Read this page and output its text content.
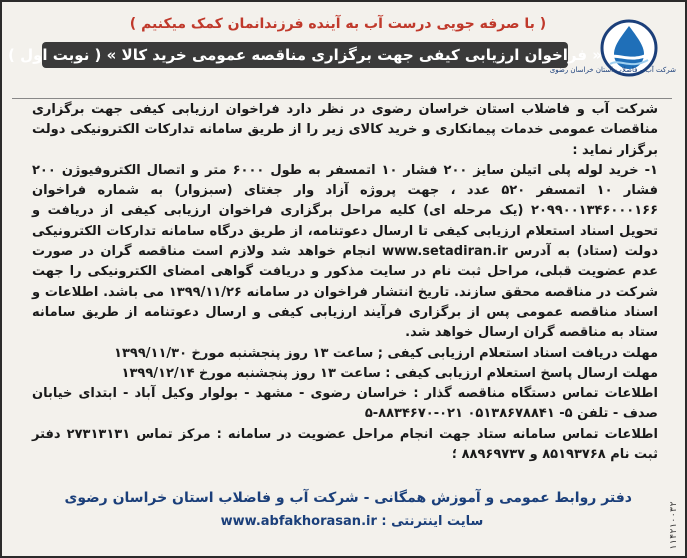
( با صرفه جویی درست آب به آینده فرزندانمان کمک میکنیم )
« فراخوان ارزیابی کیفی جهت برگزاری مناقصه عمومی خرید کالا » ( نوبت اول )
شرکت آب و فاضلاب استان خراسان رضوی

شرکت آب و فاضلاب استان خراسان رضوی در نظر دارد فراخوان ارزیابی کیفی جهت برگزاری مناقصات عمومی خدمات پیمانکاری و خرید کالای زیر را از طریق سامانه تدارکات الکترونیکی دولت برگزار نماید :

۱- خرید لوله پلی اتیلن سایز ۲۰۰ فشار ۱۰ اتمسفر به طول ۶۰۰۰ متر و اتصال الکتروفیوژن ۲۰۰ فشار ۱۰ اتمسفر ۵۲۰ عدد ، جهت پروژه آزاد وار جغتای (سبزوار) به شماره فراخوان ۲۰۹۹۰۰۱۳۴۶۰۰۰۱۶۶ (یک مرحله ای) کلیه مراحل برگزاری فراخوان ارزیابی کیفی از دریافت و تحویل اسناد استعلام ارزیابی کیفی تا ارسال دعوتنامه، از طریق درگاه سامانه تدارکات الکترونیکی دولت (ستاد) به آدرس www.setadiran.ir انجام خواهد شد ولازم است مناقصه گران در صورت عدم عضویت قبلی، مراحل ثبت نام در سایت مذکور و دریافت گواهی امضای الکترونیکی را جهت شرکت در مناقصه محقق سازند. تاریخ انتشار فراخوان در سامانه ۱۳۹۹/۱۱/۲۶ می باشد. اطلاعات و اسناد مناقصه عمومی پس از برگزاری فرآیند ارزیابی کیفی و ارسال دعوتنامه از طریق سامانه ستاد به مناقصه گران ارسال خواهد شد.

مهلت دریافت اسناد استعلام ارزیابی کیفی ; ساعت ۱۳ روز پنجشنبه مورخ ۱۳۹۹/۱۱/۳۰

مهلت ارسال پاسخ استعلام ارزیابی کیفی : ساعت ۱۳ روز پنجشنبه مورخ ۱۳۹۹/۱۲/۱۴

اطلاعات تماس دستگاه مناقصه گذار : خراسان رضوی - مشهد - بولوار وکیل آباد - ابتدای خیابان صدف - تلفن ۵- ۰۵۱۳۸۶۷۸۸۴۱ ۰۲۱-۸۸۳۴۶۷۰-۵

اطلاعات تماس سامانه ستاد جهت انجام مراحل عضویت در سامانه : مرکز تماس ۲۷۳۱۳۱۳۱ دفتر ثبت نام ۸۵۱۹۳۷۶۸ و ۸۸۹۶۹۷۳۷ ؛

دفتر روابط عمومی و آموزش همگانی - شرکت آب و فاضلاب استان خراسان رضوی
سایت اینترنتی : www.abfakhorasan.ir	۱۱۴۲۱۰۰۳۲
